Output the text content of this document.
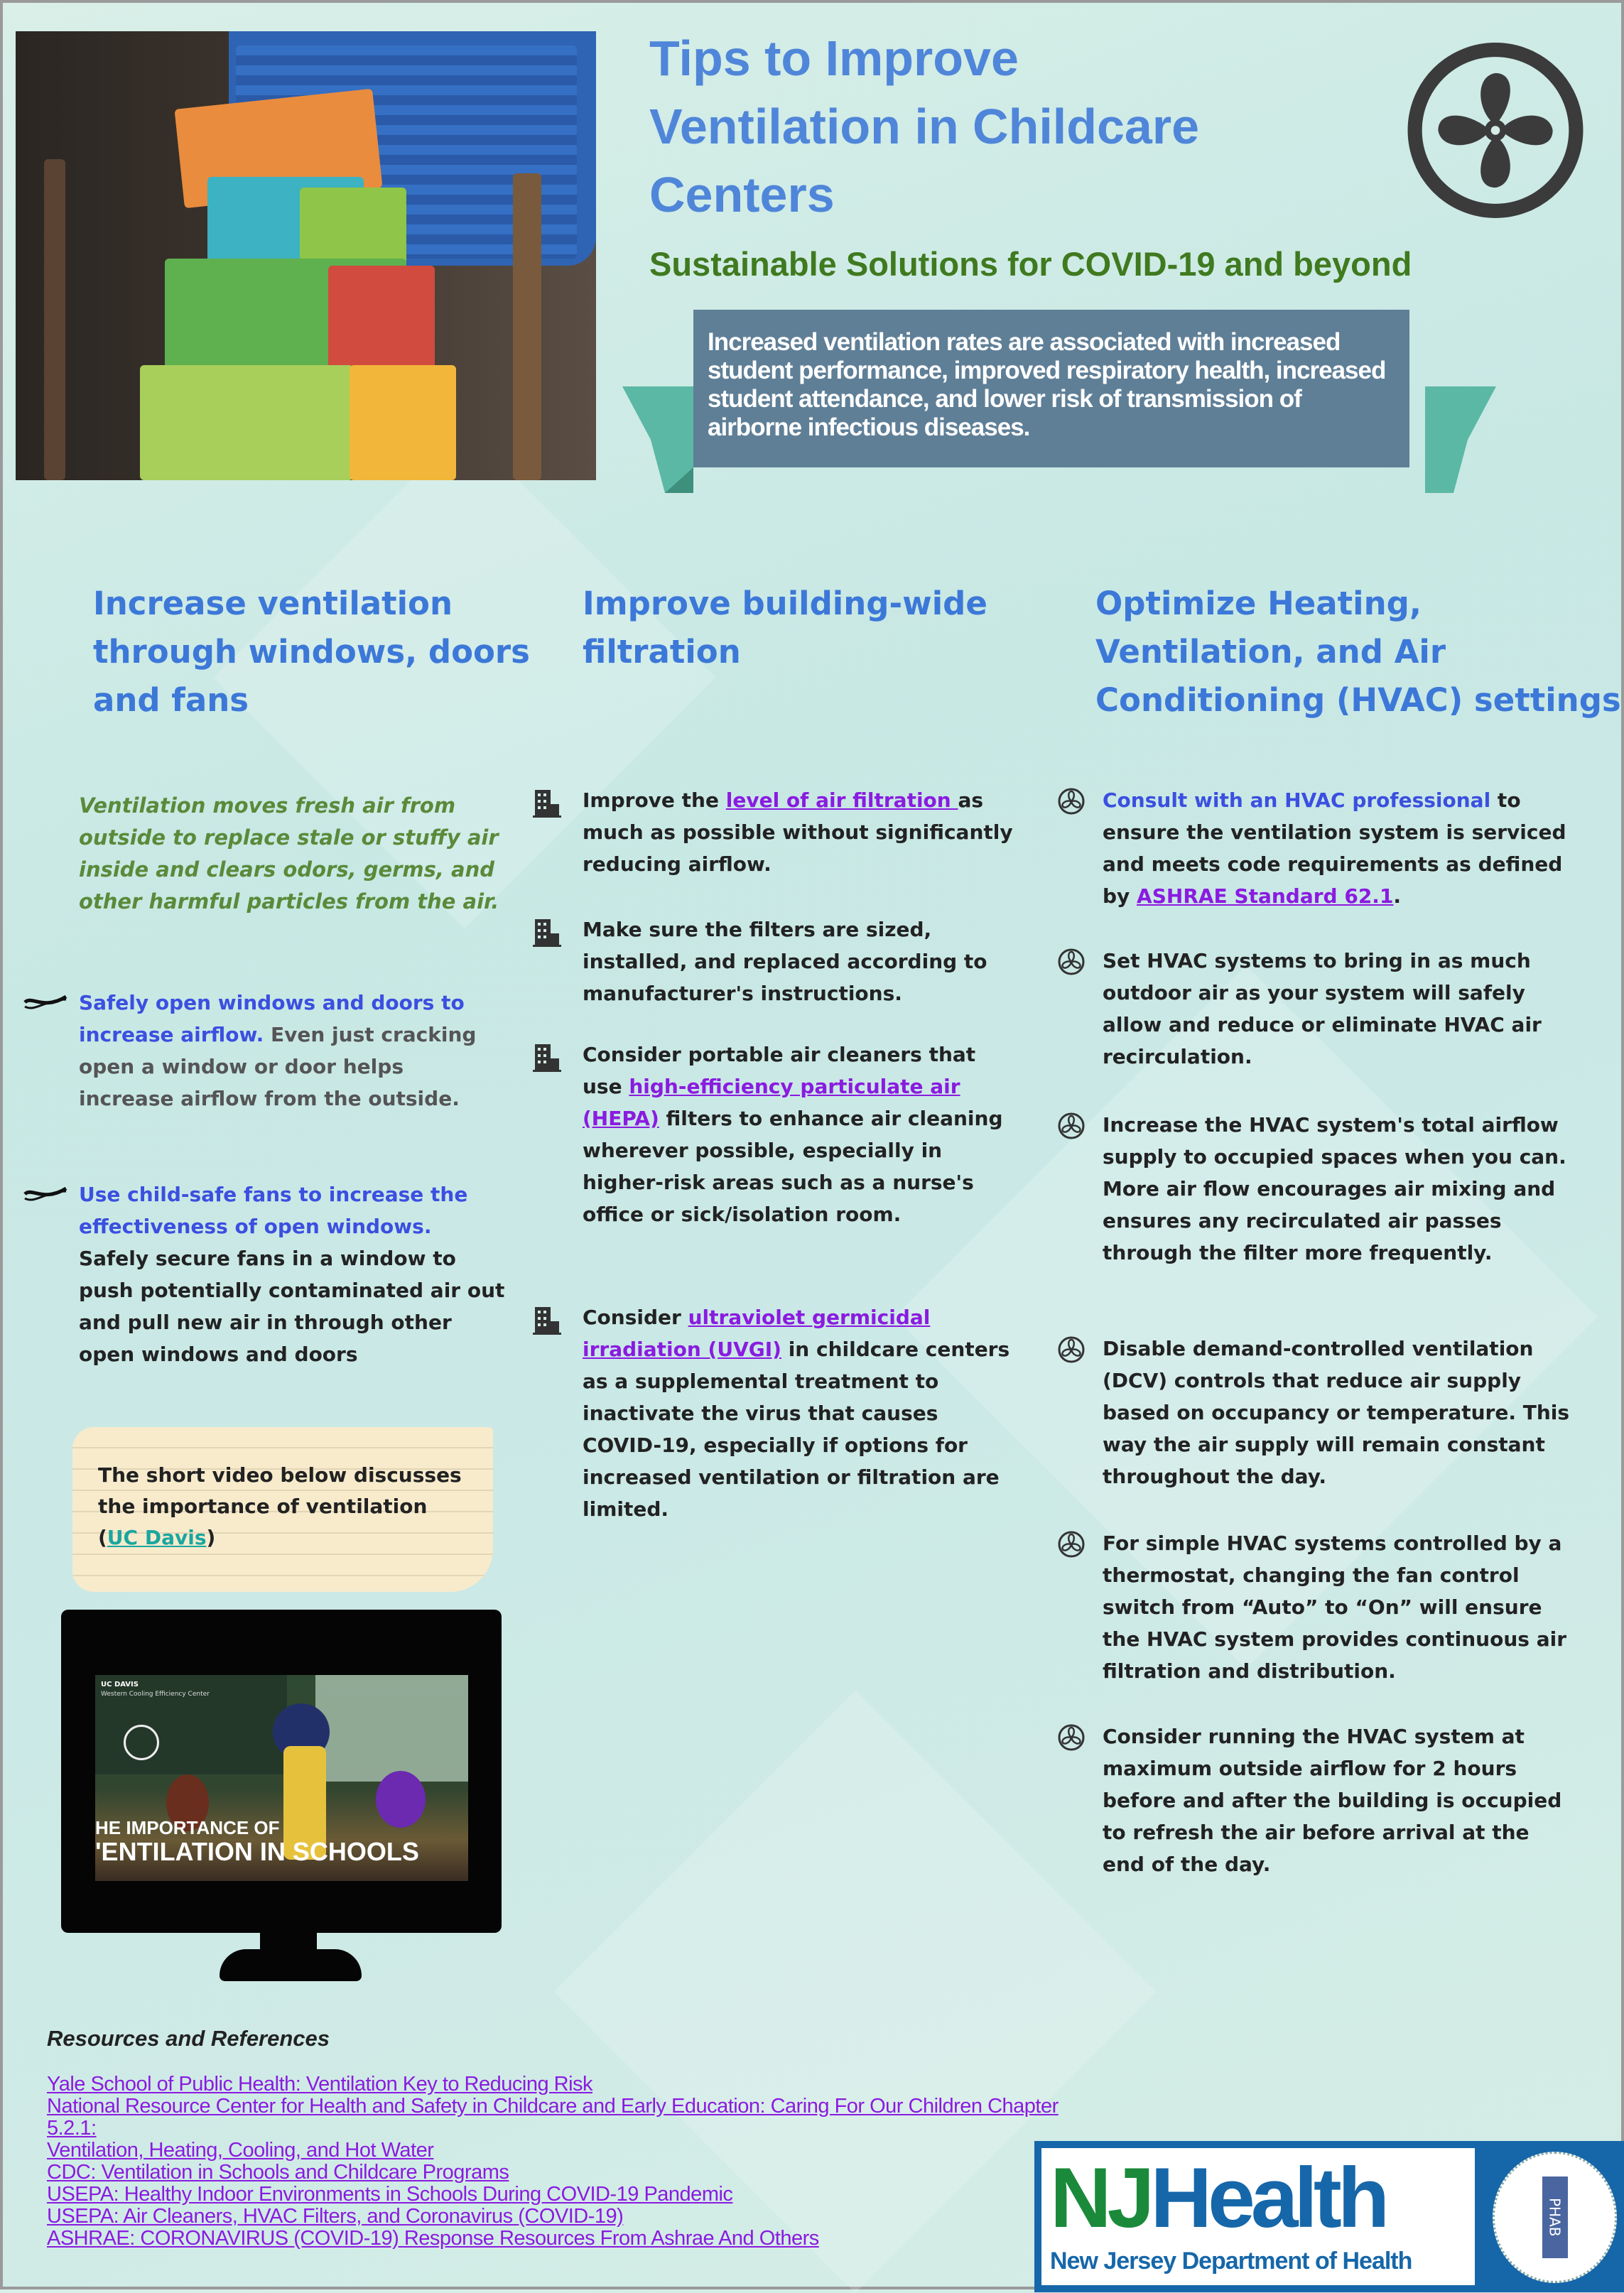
Tips to Improve
Ventilation in Childcare
Centers
Sustainable Solutions for COVID-19 and beyond
Increased ventilation rates are associated with increased student performance, improved respiratory health, increased student attendance, and lower risk of transmission of airborne infectious diseases.
Increase ventilation through windows, doors and fans
Improve building-wide filtration
Optimize Heating, Ventilation, and Air Conditioning (HVAC) settings
Ventilation moves fresh air from outside to replace stale or stuffy air inside and clears odors, germs, and other harmful particles from the air.
Safely open windows and doors to increase airflow. Even just cracking open a window or door helps increase airflow from the outside.
Use child-safe fans to increase the effectiveness of open windows. Safely secure fans in a window to push potentially contaminated air out and pull new air in through other open windows and doors
The short video below discusses the importance of ventilation (UC Davis)
UC DAVIS
Western Cooling Efficiency Center
HE IMPORTANCE OF
'ENTILATION IN SCHOOLS
Improve the level of air filtration as much as possible without significantly reducing airflow.
Make sure the filters are sized, installed, and replaced according to manufacturer's instructions.
Consider portable air cleaners that use high-efficiency particulate air (HEPA) filters to enhance air cleaning wherever possible, especially in higher-risk areas such as a nurse's office or sick/isolation room.
Consider ultraviolet germicidal irradiation (UVGI) in childcare centers as a supplemental treatment to inactivate the virus that causes COVID-19, especially if options for increased ventilation or filtration are limited.
Consult with an HVAC professional to ensure the ventilation system is serviced and meets code requirements as defined by ASHRAE Standard 62.1.
Set HVAC systems to bring in as much outdoor air as your system will safely allow and reduce or eliminate HVAC air recirculation.
Increase the HVAC system's total airflow supply to occupied spaces when you can. More air flow encourages air mixing and ensures any recirculated air passes through the filter more frequently.
Disable demand-controlled ventilation (DCV) controls that reduce air supply based on occupancy or temperature. This way the air supply will remain constant throughout the day.
For simple HVAC systems controlled by a thermostat, changing the fan control switch from “Auto” to “On” will ensure the HVAC system provides continuous air filtration and distribution.
Consider running the HVAC system at maximum outside airflow for 2 hours before and after the building is occupied to refresh the air before arrival at the end of the day.
Resources and References
Yale School of Public Health: Ventilation Key to Reducing Risk
National Resource Center for Health and Safety in Childcare and Early Education: Caring For Our Children Chapter 5.2.1:
Ventilation, Heating, Cooling, and Hot Water
CDC: Ventilation in Schools and Childcare Programs
USEPA: Healthy Indoor Environments in Schools During COVID-19 Pandemic
USEPA: Air Cleaners, HVAC Filters, and Coronavirus (COVID-19)
ASHRAE: CORONAVIRUS (COVID-19) Response Resources From Ashrae And Others	NJHealth
New Jersey Department of Health
PHAB
